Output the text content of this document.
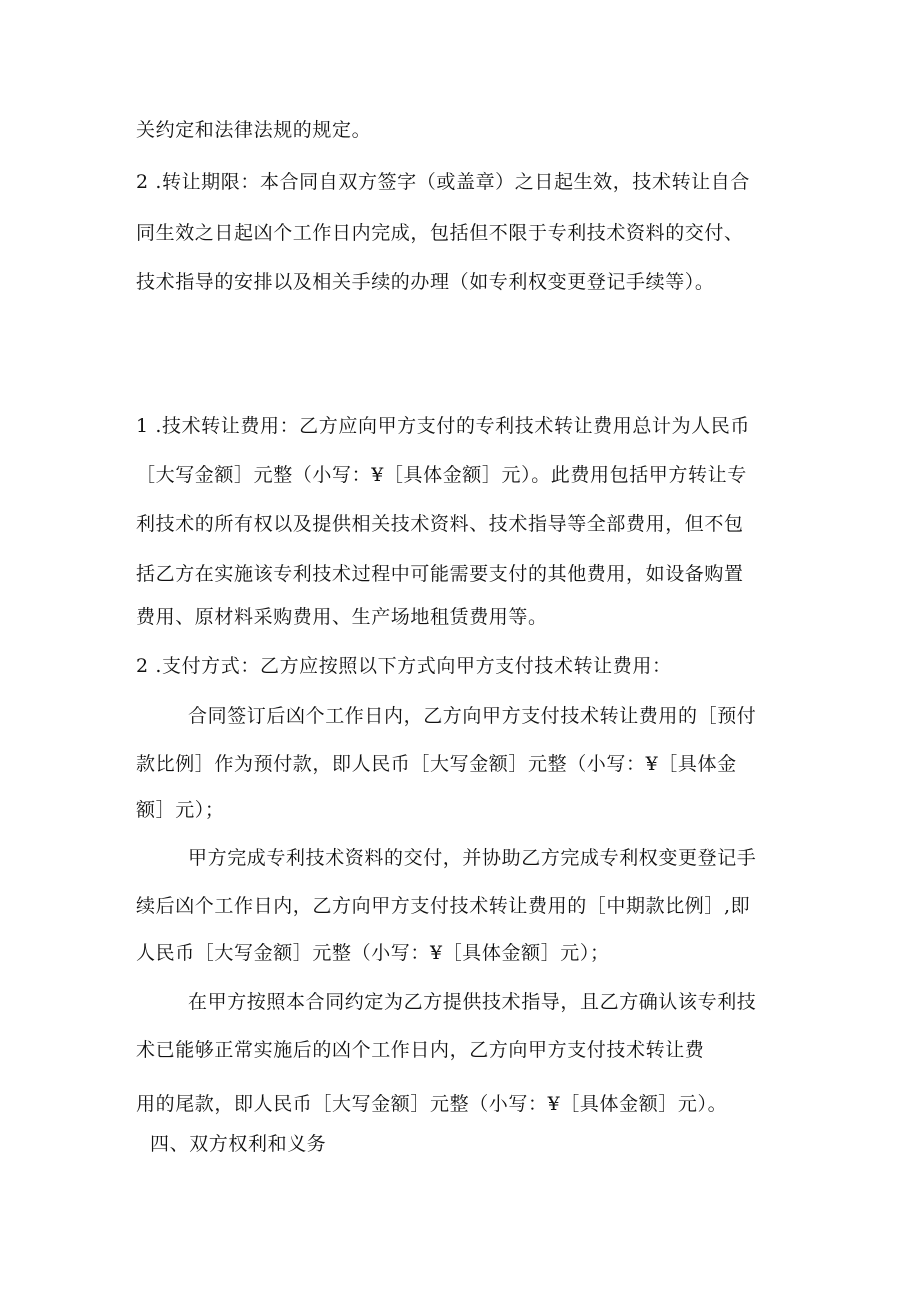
关约定和法律法规的规定。
2 .转让期限：本合同自双方签字（或盖章）之日起生效，技术转让自合
同生效之日起凶个工作日内完成，包括但不限于专利技术资料的交付、
技术指导的安排以及相关手续的办理（如专利权变更登记手续等）。
1 .技术转让费用：乙方应向甲方支付的专利技术转让费用总计为人民币
［大写金额］元整（小写：¥［具体金额］元）。此费用包括甲方转让专
利技术的所有权以及提供相关技术资料、技术指导等全部费用，但不包
括乙方在实施该专利技术过程中可能需要支付的其他费用，如设备购置
费用、原材料采购费用、生产场地租赁费用等。
2 .支付方式：乙方应按照以下方式向甲方支付技术转让费用：
合同签订后凶个工作日内，乙方向甲方支付技术转让费用的［预付
款比例］作为预付款，即人民币［大写金额］元整（小写：¥［具体金
额］元）；
甲方完成专利技术资料的交付，并协助乙方完成专利权变更登记手
续后凶个工作日内，乙方向甲方支付技术转让费用的［中期款比例］,即
人民币［大写金额］元整（小写：¥［具体金额］元）；
在甲方按照本合同约定为乙方提供技术指导，且乙方确认该专利技
术已能够正常实施后的凶个工作日内，乙方向甲方支付技术转让费
用的尾款，即人民币［大写金额］元整（小写：¥［具体金额］元）。
四、双方权利和义务
